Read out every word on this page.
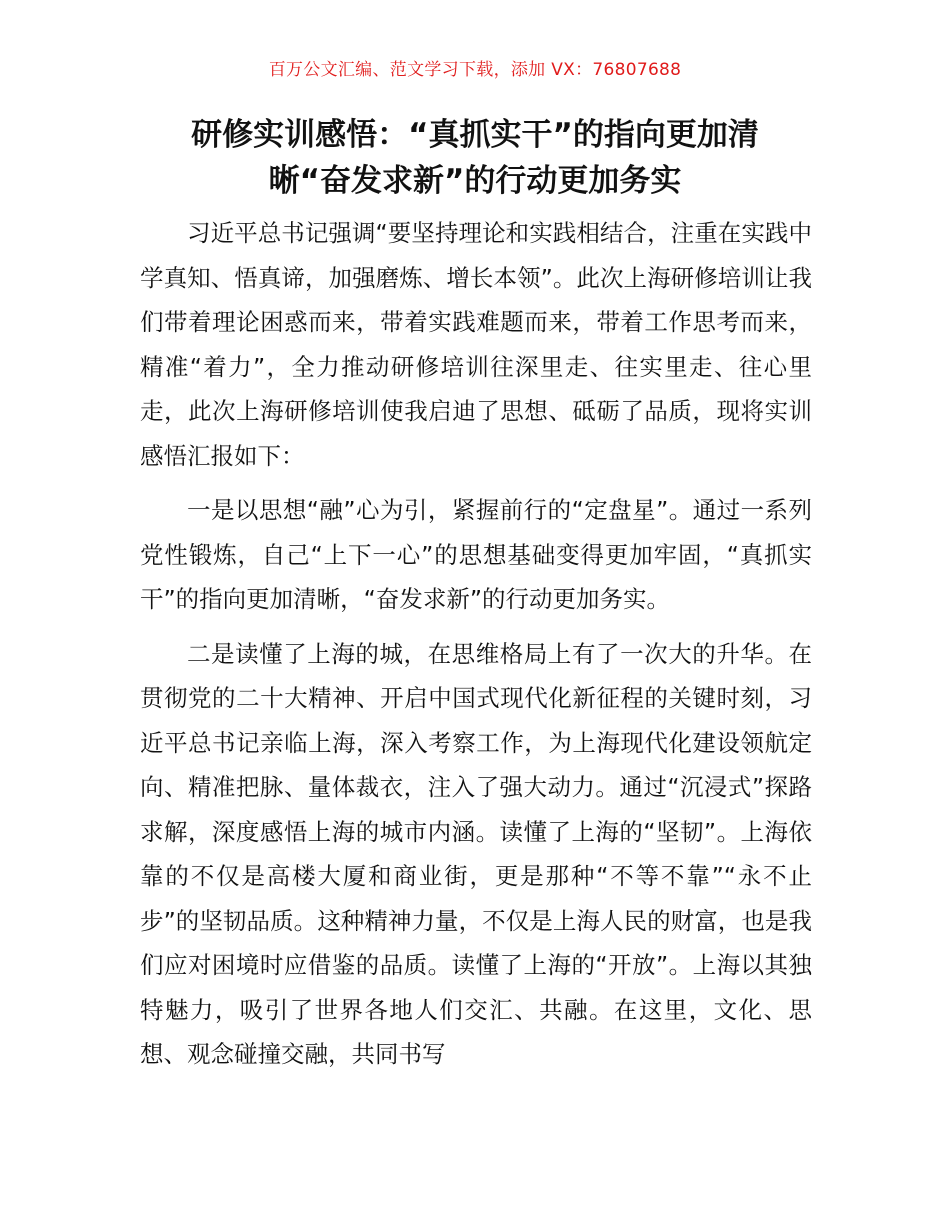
百万公文汇编、范文学习下载，添加 VX：76807688
研修实训感悟：“真抓实干”的指向更加清
晰“奋发求新”的行动更加务实

习近平总书记强调“要坚持理论和实践相结合，注重在实践中学真知、悟真谛，加强磨炼、增长本领”。此次上海研修培训让我们带着理论困惑而来，带着实践难题而来，带着工作思考而来，精准“着力”，全力推动研修培训往深里走、往实里走、往心里走，此次上海研修培训使我启迪了思想、砥砺了品质，现将实训感悟汇报如下：

一是以思想“融”心为引，紧握前行的“定盘星”。通过一系列党性锻炼，自己“上下一心”的思想基础变得更加牢固，“真抓实干”的指向更加清晰，“奋发求新”的行动更加务实。

二是读懂了上海的城，在思维格局上有了一次大的升华。在贯彻党的二十大精神、开启中国式现代化新征程的关键时刻，习近平总书记亲临上海，深入考察工作，为上海现代化建设领航定向、精准把脉、量体裁衣，注入了强大动力。通过“沉浸式”探路求解，深度感悟上海的城市内涵。读懂了上海的“坚韧”。上海依靠的不仅是高楼大厦和商业街，更是那种“不等不靠”“永不止步”的坚韧品质。这种精神力量，不仅是上海人民的财富，也是我们应对困境时应借鉴的品质。读懂了上海的“开放”。上海以其独特魅力，吸引了世界各地人们交汇、共融。在这里，文化、思想、观念碰撞交融，共同书写
